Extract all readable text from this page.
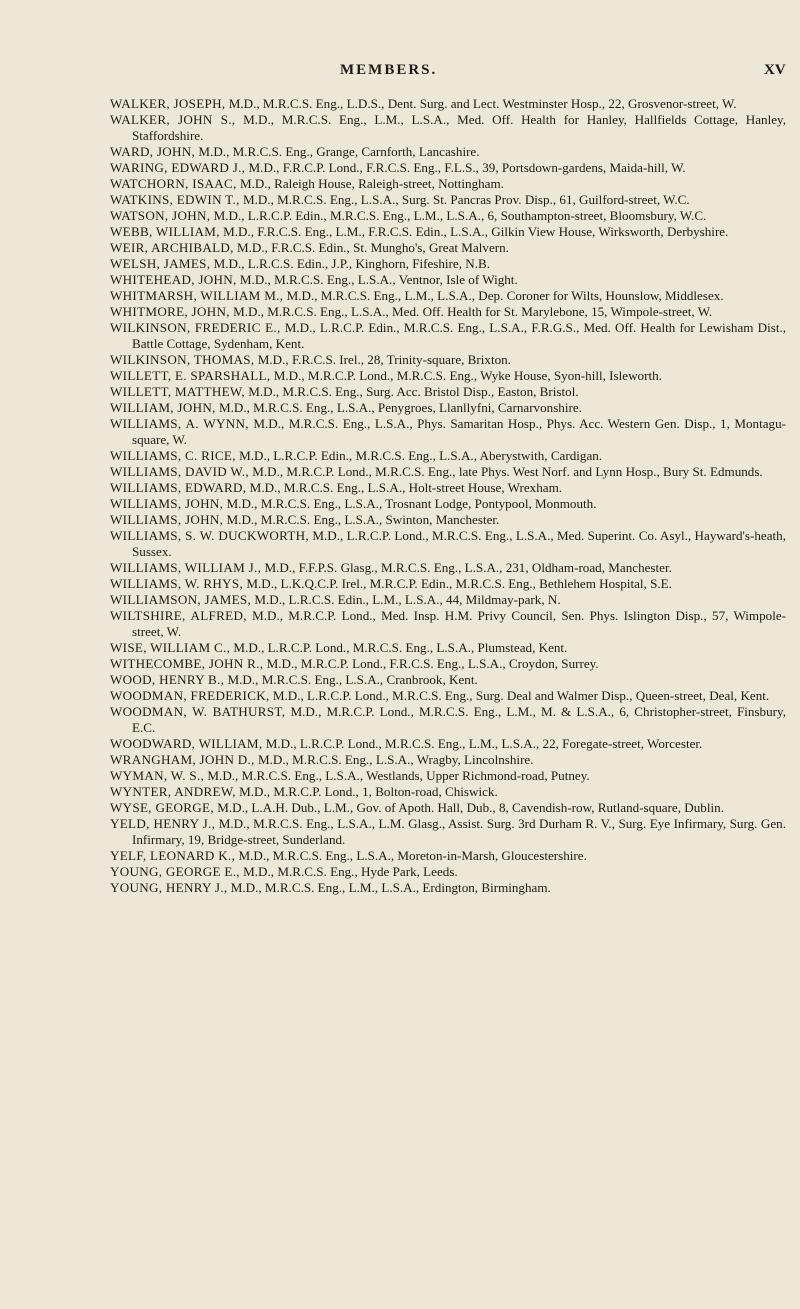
MEMBERS.	XV

WALKER, JOSEPH, M.D., M.R.C.S. Eng., L.D.S., Dent. Surg. and Lect. Westminster Hosp., 22, Grosvenor-street, W.

WALKER, JOHN S., M.D., M.R.C.S. Eng., L.M., L.S.A., Med. Off. Health for Hanley, Hallfields Cottage, Hanley, Staffordshire.

WARD, JOHN, M.D., M.R.C.S. Eng., Grange, Carnforth, Lancashire.

WARING, EDWARD J., M.D., F.R.C.P. Lond., F.R.C.S. Eng., F.L.S., 39, Portsdown-gardens, Maida-hill, W.

WATCHORN, ISAAC, M.D., Raleigh House, Raleigh-street, Nottingham.

WATKINS, EDWIN T., M.D., M.R.C.S. Eng., L.S.A., Surg. St. Pancras Prov. Disp., 61, Guilford-street, W.C.

WATSON, JOHN, M.D., L.R.C.P. Edin., M.R.C.S. Eng., L.M., L.S.A., 6, Southampton-street, Bloomsbury, W.C.

WEBB, WILLIAM, M.D., F.R.C.S. Eng., L.M., F.R.C.S. Edin., L.S.A., Gilkin View House, Wirksworth, Derbyshire.

WEIR, ARCHIBALD, M.D., F.R.C.S. Edin., St. Mungho's, Great Malvern.

WELSH, JAMES, M.D., L.R.C.S. Edin., J.P., Kinghorn, Fifeshire, N.B.

WHITEHEAD, JOHN, M.D., M.R.C.S. Eng., L.S.A., Ventnor, Isle of Wight.

WHITMARSH, WILLIAM M., M.D., M.R.C.S. Eng., L.M., L.S.A., Dep. Coroner for Wilts, Hounslow, Middlesex.

WHITMORE, JOHN, M.D., M.R.C.S. Eng., L.S.A., Med. Off. Health for St. Marylebone, 15, Wimpole-street, W.

WILKINSON, FREDERIC E., M.D., L.R.C.P. Edin., M.R.C.S. Eng., L.S.A., F.R.G.S., Med. Off. Health for Lewisham Dist., Battle Cottage, Sydenham, Kent.

WILKINSON, THOMAS, M.D., F.R.C.S. Irel., 28, Trinity-square, Brixton.

WILLETT, E. SPARSHALL, M.D., M.R.C.P. Lond., M.R.C.S. Eng., Wyke House, Syon-hill, Isleworth.

WILLETT, MATTHEW, M.D., M.R.C.S. Eng., Surg. Acc. Bristol Disp., Easton, Bristol.

WILLIAM, JOHN, M.D., M.R.C.S. Eng., L.S.A., Penygroes, Llanllyfni, Carnarvonshire.

WILLIAMS, A. WYNN, M.D., M.R.C.S. Eng., L.S.A., Phys. Samaritan Hosp., Phys. Acc. Western Gen. Disp., 1, Montagu-square, W.

WILLIAMS, C. RICE, M.D., L.R.C.P. Edin., M.R.C.S. Eng., L.S.A., Aberystwith, Cardigan.

WILLIAMS, DAVID W., M.D., M.R.C.P. Lond., M.R.C.S. Eng., late Phys. West Norf. and Lynn Hosp., Bury St. Edmunds.

WILLIAMS, EDWARD, M.D., M.R.C.S. Eng., L.S.A., Holt-street House, Wrexham.

WILLIAMS, JOHN, M.D., M.R.C.S. Eng., L.S.A., Trosnant Lodge, Pontypool, Monmouth.

WILLIAMS, JOHN, M.D., M.R.C.S. Eng., L.S.A., Swinton, Manchester.

WILLIAMS, S. W. DUCKWORTH, M.D., L.R.C.P. Lond., M.R.C.S. Eng., L.S.A., Med. Superint. Co. Asyl., Hayward's-heath, Sussex.

WILLIAMS, WILLIAM J., M.D., F.F.P.S. Glasg., M.R.C.S. Eng., L.S.A., 231, Oldham-road, Manchester.

WILLIAMS, W. RHYS, M.D., L.K.Q.C.P. Irel., M.R.C.P. Edin., M.R.C.S. Eng., Bethlehem Hospital, S.E.

WILLIAMSON, JAMES, M.D., L.R.C.S. Edin., L.M., L.S.A., 44, Mildmay-park, N.

WILTSHIRE, ALFRED, M.D., M.R.C.P. Lond., Med. Insp. H.M. Privy Council, Sen. Phys. Islington Disp., 57, Wimpole-street, W.

WISE, WILLIAM C., M.D., L.R.C.P. Lond., M.R.C.S. Eng., L.S.A., Plumstead, Kent.

WITHECOMBE, JOHN R., M.D., M.R.C.P. Lond., F.R.C.S. Eng., L.S.A., Croydon, Surrey.

WOOD, HENRY B., M.D., M.R.C.S. Eng., L.S.A., Cranbrook, Kent.

WOODMAN, FREDERICK, M.D., L.R.C.P. Lond., M.R.C.S. Eng., Surg. Deal and Walmer Disp., Queen-street, Deal, Kent.

WOODMAN, W. BATHURST, M.D., M.R.C.P. Lond., M.R.C.S. Eng., L.M., M. & L.S.A., 6, Christopher-street, Finsbury, E.C.

WOODWARD, WILLIAM, M.D., L.R.C.P. Lond., M.R.C.S. Eng., L.M., L.S.A., 22, Foregate-street, Worcester.

WRANGHAM, JOHN D., M.D., M.R.C.S. Eng., L.S.A., Wragby, Lincolnshire.

WYMAN, W. S., M.D., M.R.C.S. Eng., L.S.A., Westlands, Upper Richmond-road, Putney.

WYNTER, ANDREW, M.D., M.R.C.P. Lond., 1, Bolton-road, Chiswick.

WYSE, GEORGE, M.D., L.A.H. Dub., L.M., Gov. of Apoth. Hall, Dub., 8, Cavendish-row, Rutland-square, Dublin.

YELD, HENRY J., M.D., M.R.C.S. Eng., L.S.A., L.M. Glasg., Assist. Surg. 3rd Durham R. V., Surg. Eye Infirmary, Surg. Gen. Infirmary, 19, Bridge-street, Sunderland.

YELF, LEONARD K., M.D., M.R.C.S. Eng., L.S.A., Moreton-in-Marsh, Gloucestershire.

YOUNG, GEORGE E., M.D., M.R.C.S. Eng., Hyde Park, Leeds.

YOUNG, HENRY J., M.D., M.R.C.S. Eng., L.M., L.S.A., Erdington, Birmingham.
